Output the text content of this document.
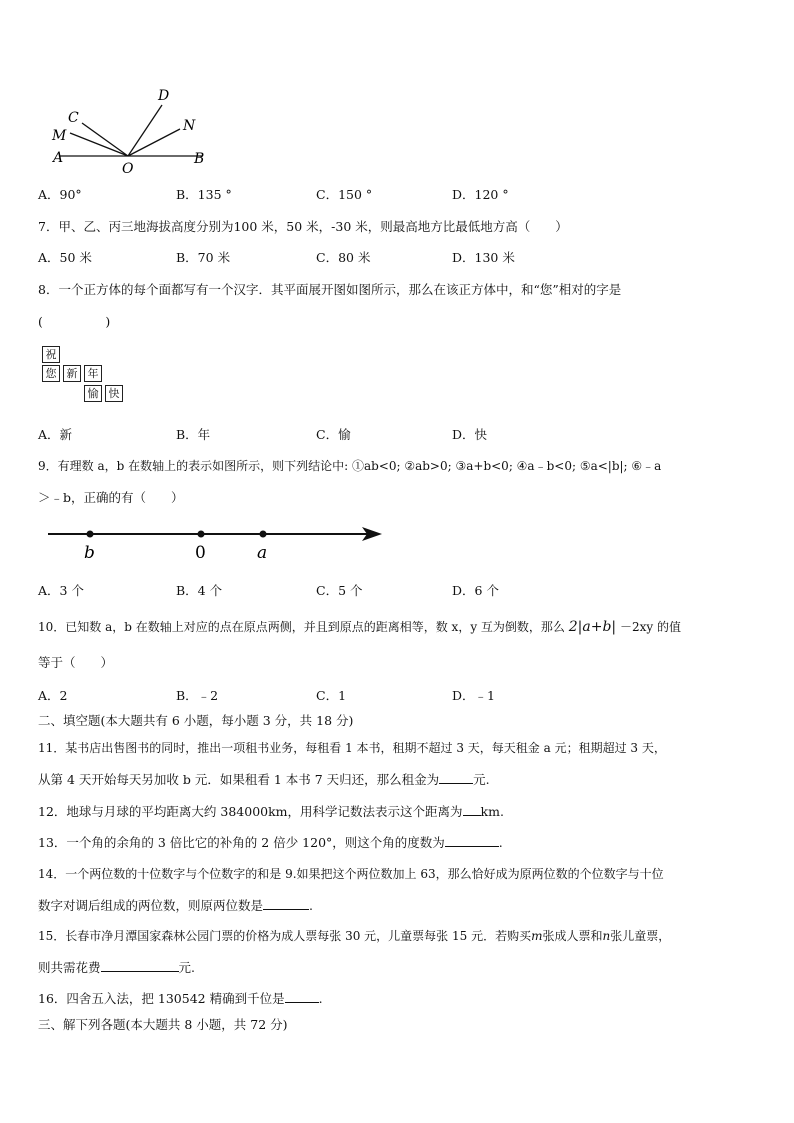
D
C	N
M
A
O
B
A．90°	B．135 °	C．150 °	D．120 °
7．甲、乙、丙三地海拔高度分别为100 米，50 米，-30 米，则最高地方比最低地方高（　　）
A．50 米	B．70 米	C．80 米	D．130 米
8．一个正方体的每个面都写有一个汉字．其平面展开图如图所示，那么在该正方体中，和“您”相对的字是
(　　　　　)
祝
您 新 年
愉 快
A．新	B．年	C．愉	D．快
9．有理数 a，b 在数轴上的表示如图所示，则下列结论中: ①ab<0; ②ab>0; ③a+b<0; ④a﹣b<0; ⑤a<|b|; ⑥﹣a
＞﹣b，正确的有（　　）
b	0	a
A．3 个	B．4 个	C．5 个	D．6 个
10．已知数 a，b 在数轴上对应的点在原点两侧，并且到原点的距离相等，数 x，y 互为倒数，那么 2|a+b| －2xy 的值
等于（　　）
A．2	B．﹣2	C．1	D．﹣1
二、填空题(本大题共有 6 小题，每小题 3 分，共 18 分)
11．某书店出售图书的同时，推出一项租书业务，每租看 1 本书，租期不超过 3 天，每天租金 a 元；租期超过 3 天，
从第 4 天开始每天另加收 b 元．如果租看 1 本书 7 天归还，那么租金为	元.
12．地球与月球的平均距离大约 384000km，用科学记数法表示这个距离为 km.
13．一个角的余角的 3 倍比它的补角的 2 倍少 120°，则这个角的度数为	.
14．一个两位数的十位数字与个位数字的和是 9.如果把这个两位数加上 63，那么恰好成为原两位数的个位数字与十位
数字对调后组成的两位数，则原两位数是	.
15．长春市净月潭国家森林公园门票的价格为成人票每张 30 元，儿童票每张 15 元．若购买m张成人票和n张儿童票，
则共需花费	元.
16．四舍五入法，把 130542 精确到千位是	.
三、解下列各题(本大题共 8 小题，共 72 分)
